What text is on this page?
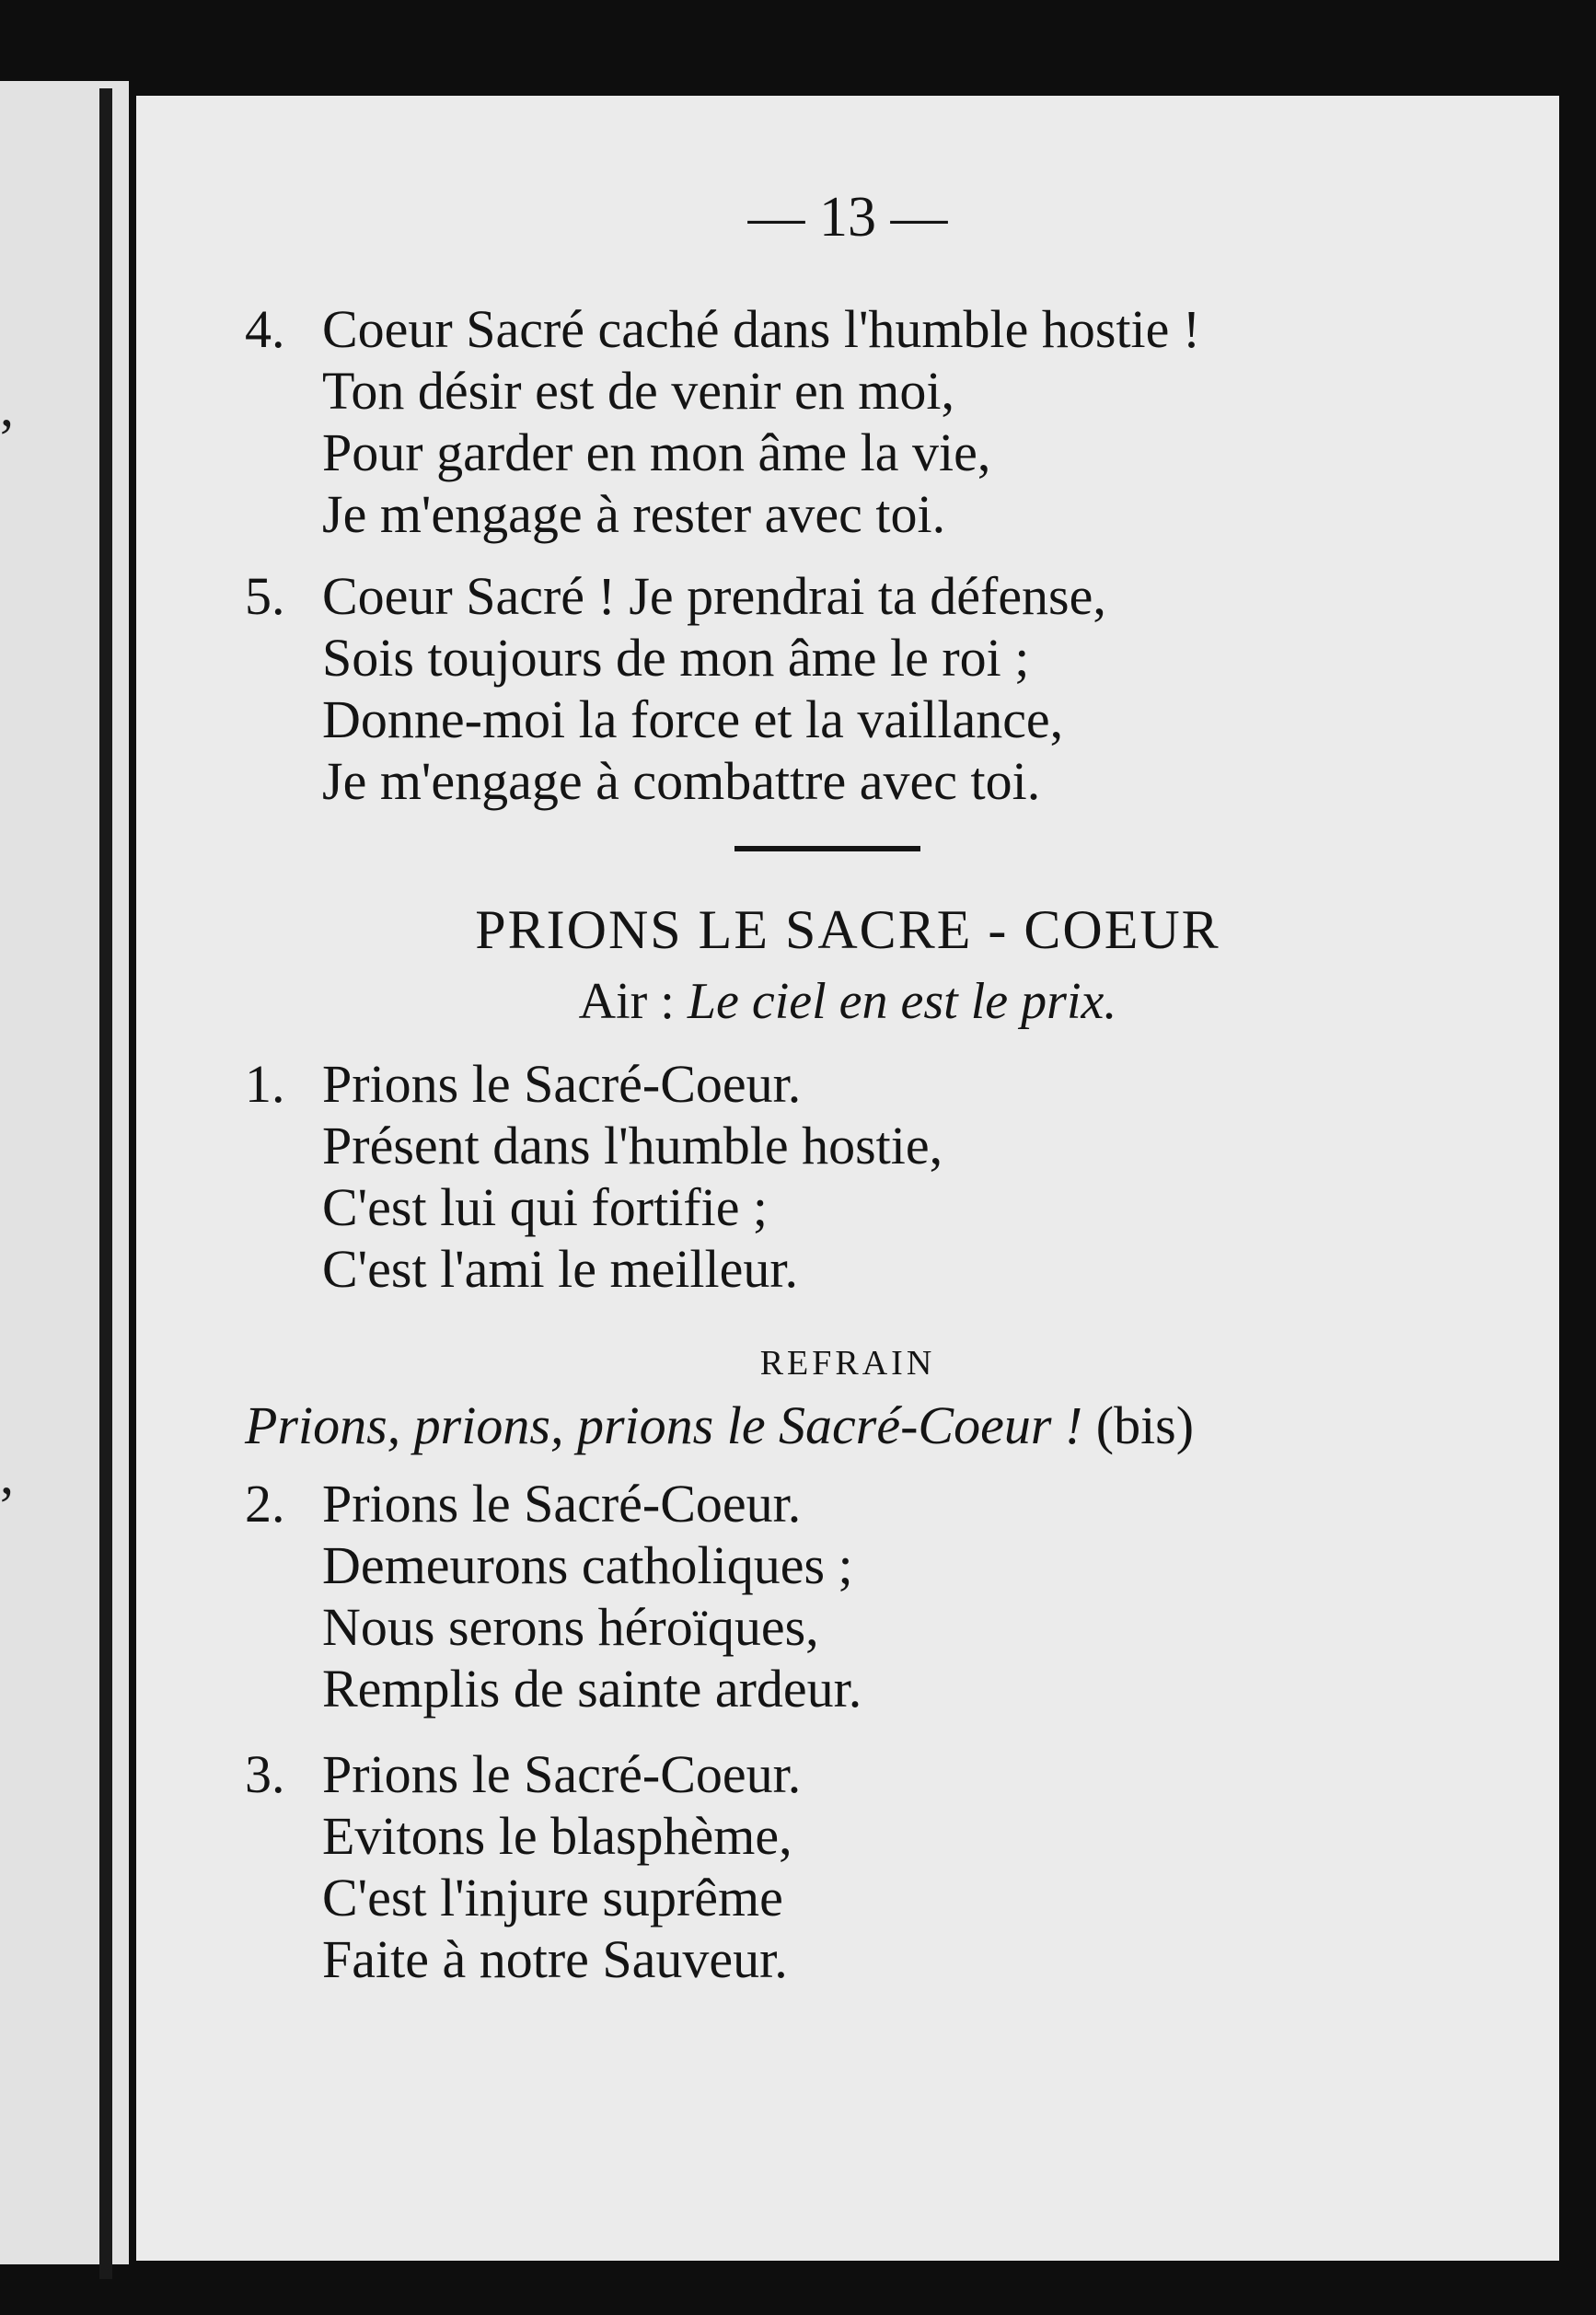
,
,
— 13 —
4. Coeur Sacré caché dans l'humble hostie !
Ton désir est de venir en moi,
Pour garder en mon âme la vie,
Je m'engage à rester avec toi.
5. Coeur Sacré ! Je prendrai ta défense,
Sois toujours de mon âme le roi ;
Donne-moi la force et la vaillance,
Je m'engage à combattre avec toi.
PRIONS LE SACRE - COEUR
Air : Le ciel en est le prix.
1. Prions le Sacré-Coeur.
Présent dans l'humble hostie,
C'est lui qui fortifie ;
C'est l'ami le meilleur.
REFRAIN
Prions, prions, prions le Sacré-Coeur ! (bis)
2. Prions le Sacré-Coeur.
Demeurons catholiques ;
Nous serons héroïques,
Remplis de sainte ardeur.
3. Prions le Sacré-Coeur.
Evitons le blasphème,
C'est l'injure suprême
Faite à notre Sauveur.
